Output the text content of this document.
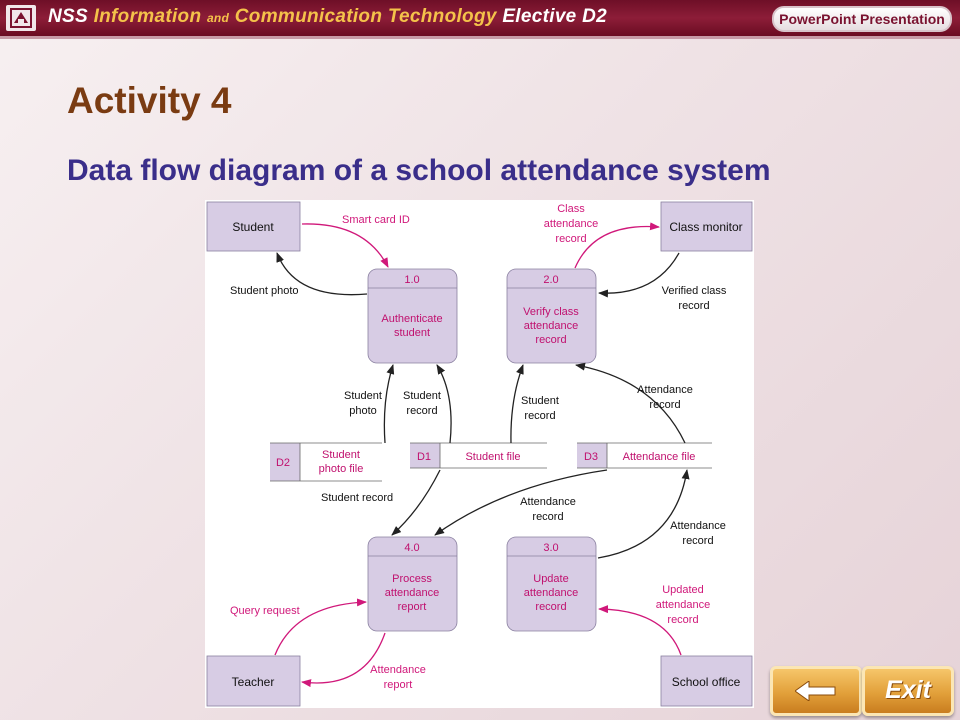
NSS Information and Communication Technology Elective D2	PowerPoint Presentation
Activity 4
Data flow diagram of a school attendance system
Student	Class monitor
Teacher	School office
1.0
Authenticate
student
2.0
Verify class
attendance
record
4.0
Process
attendance
report
3.0
Update
attendance
record
D2
Student
photo file
D1	Student file	D3 Attendance file
Smart card ID
Student photo
Class
attendance
record
Verified class
record
Student
photo
Student
record
Student
record
Attendance
record
Student record	Attendance
record
Attendance
record
Query request
Attendance
report
Updated
attendance
record
Exit
